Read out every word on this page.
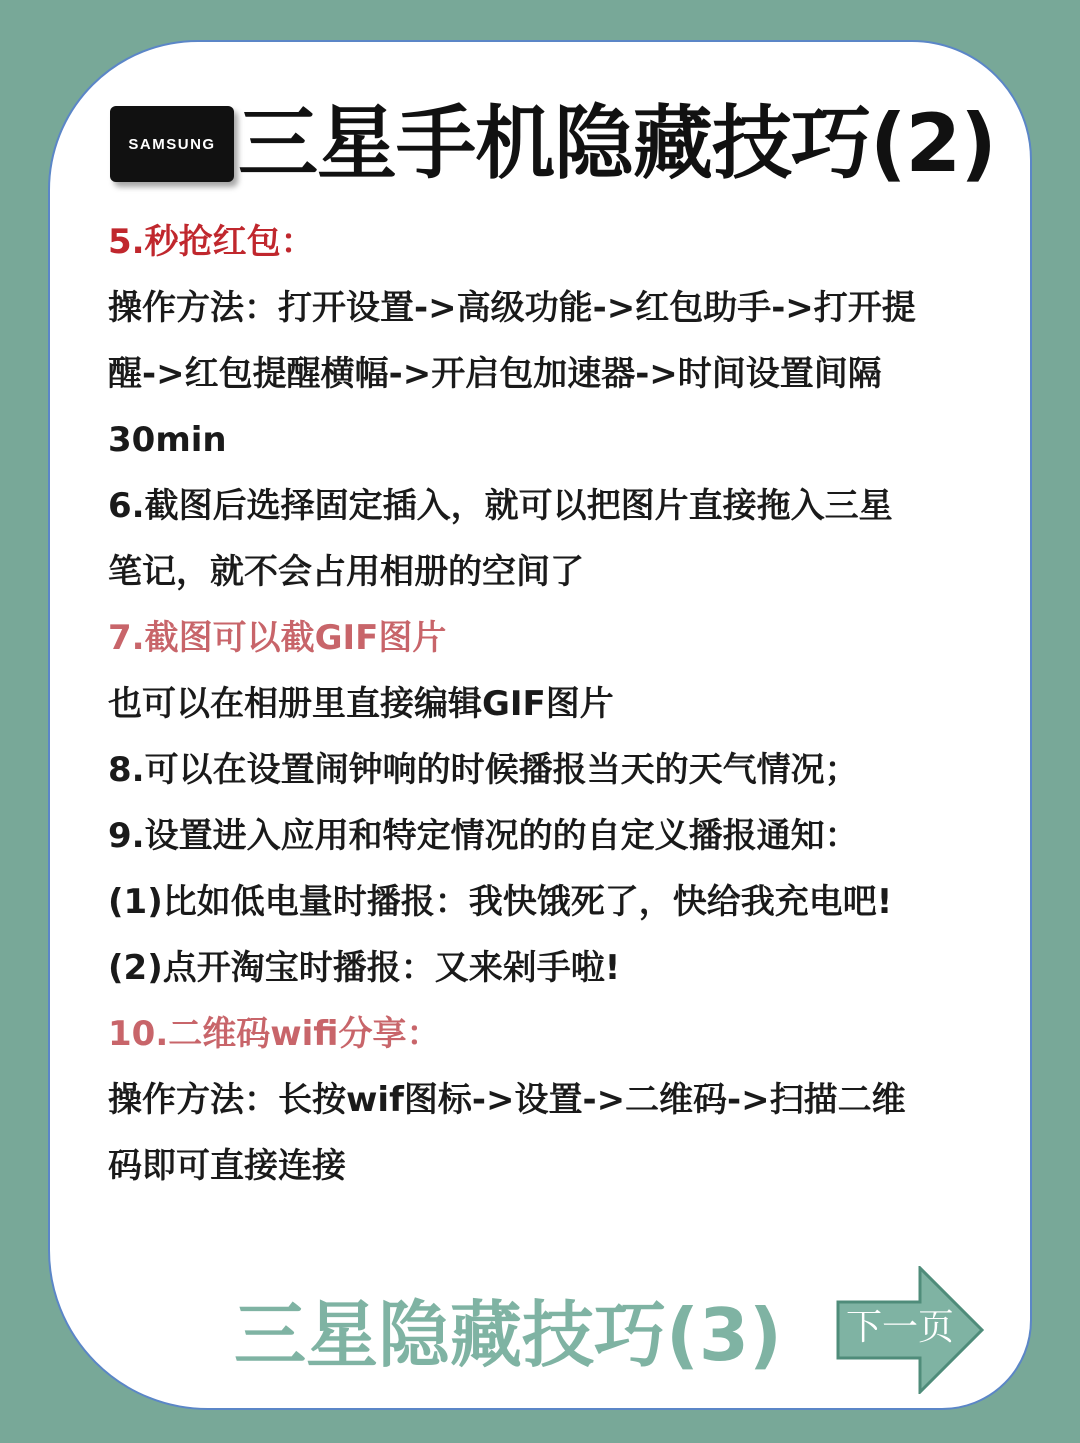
SAMSUNG 三星手机隐藏技巧(2)
5.秒抢红包：
操作方法：打开设置->高级功能->红包助手->打开提
醒->红包提醒横幅->开启包加速器->时间设置间隔
30min
6.截图后选择固定插入，就可以把图片直接拖入三星
笔记，就不会占用相册的空间了
7.截图可以截GIF图片
也可以在相册里直接编辑GIF图片
8.可以在设置闹钟响的时候播报当天的天气情况；
9.设置进入应用和特定情况的的自定义播报通知：
(1)比如低电量时播报：我快饿死了，快给我充电吧!
(2)点开淘宝时播报：又来剁手啦!
10.二维码wifi分享：
操作方法：长按wif图标->设置->二维码->扫描二维
码即可直接连接
三星隐藏技巧(3) 下一页
